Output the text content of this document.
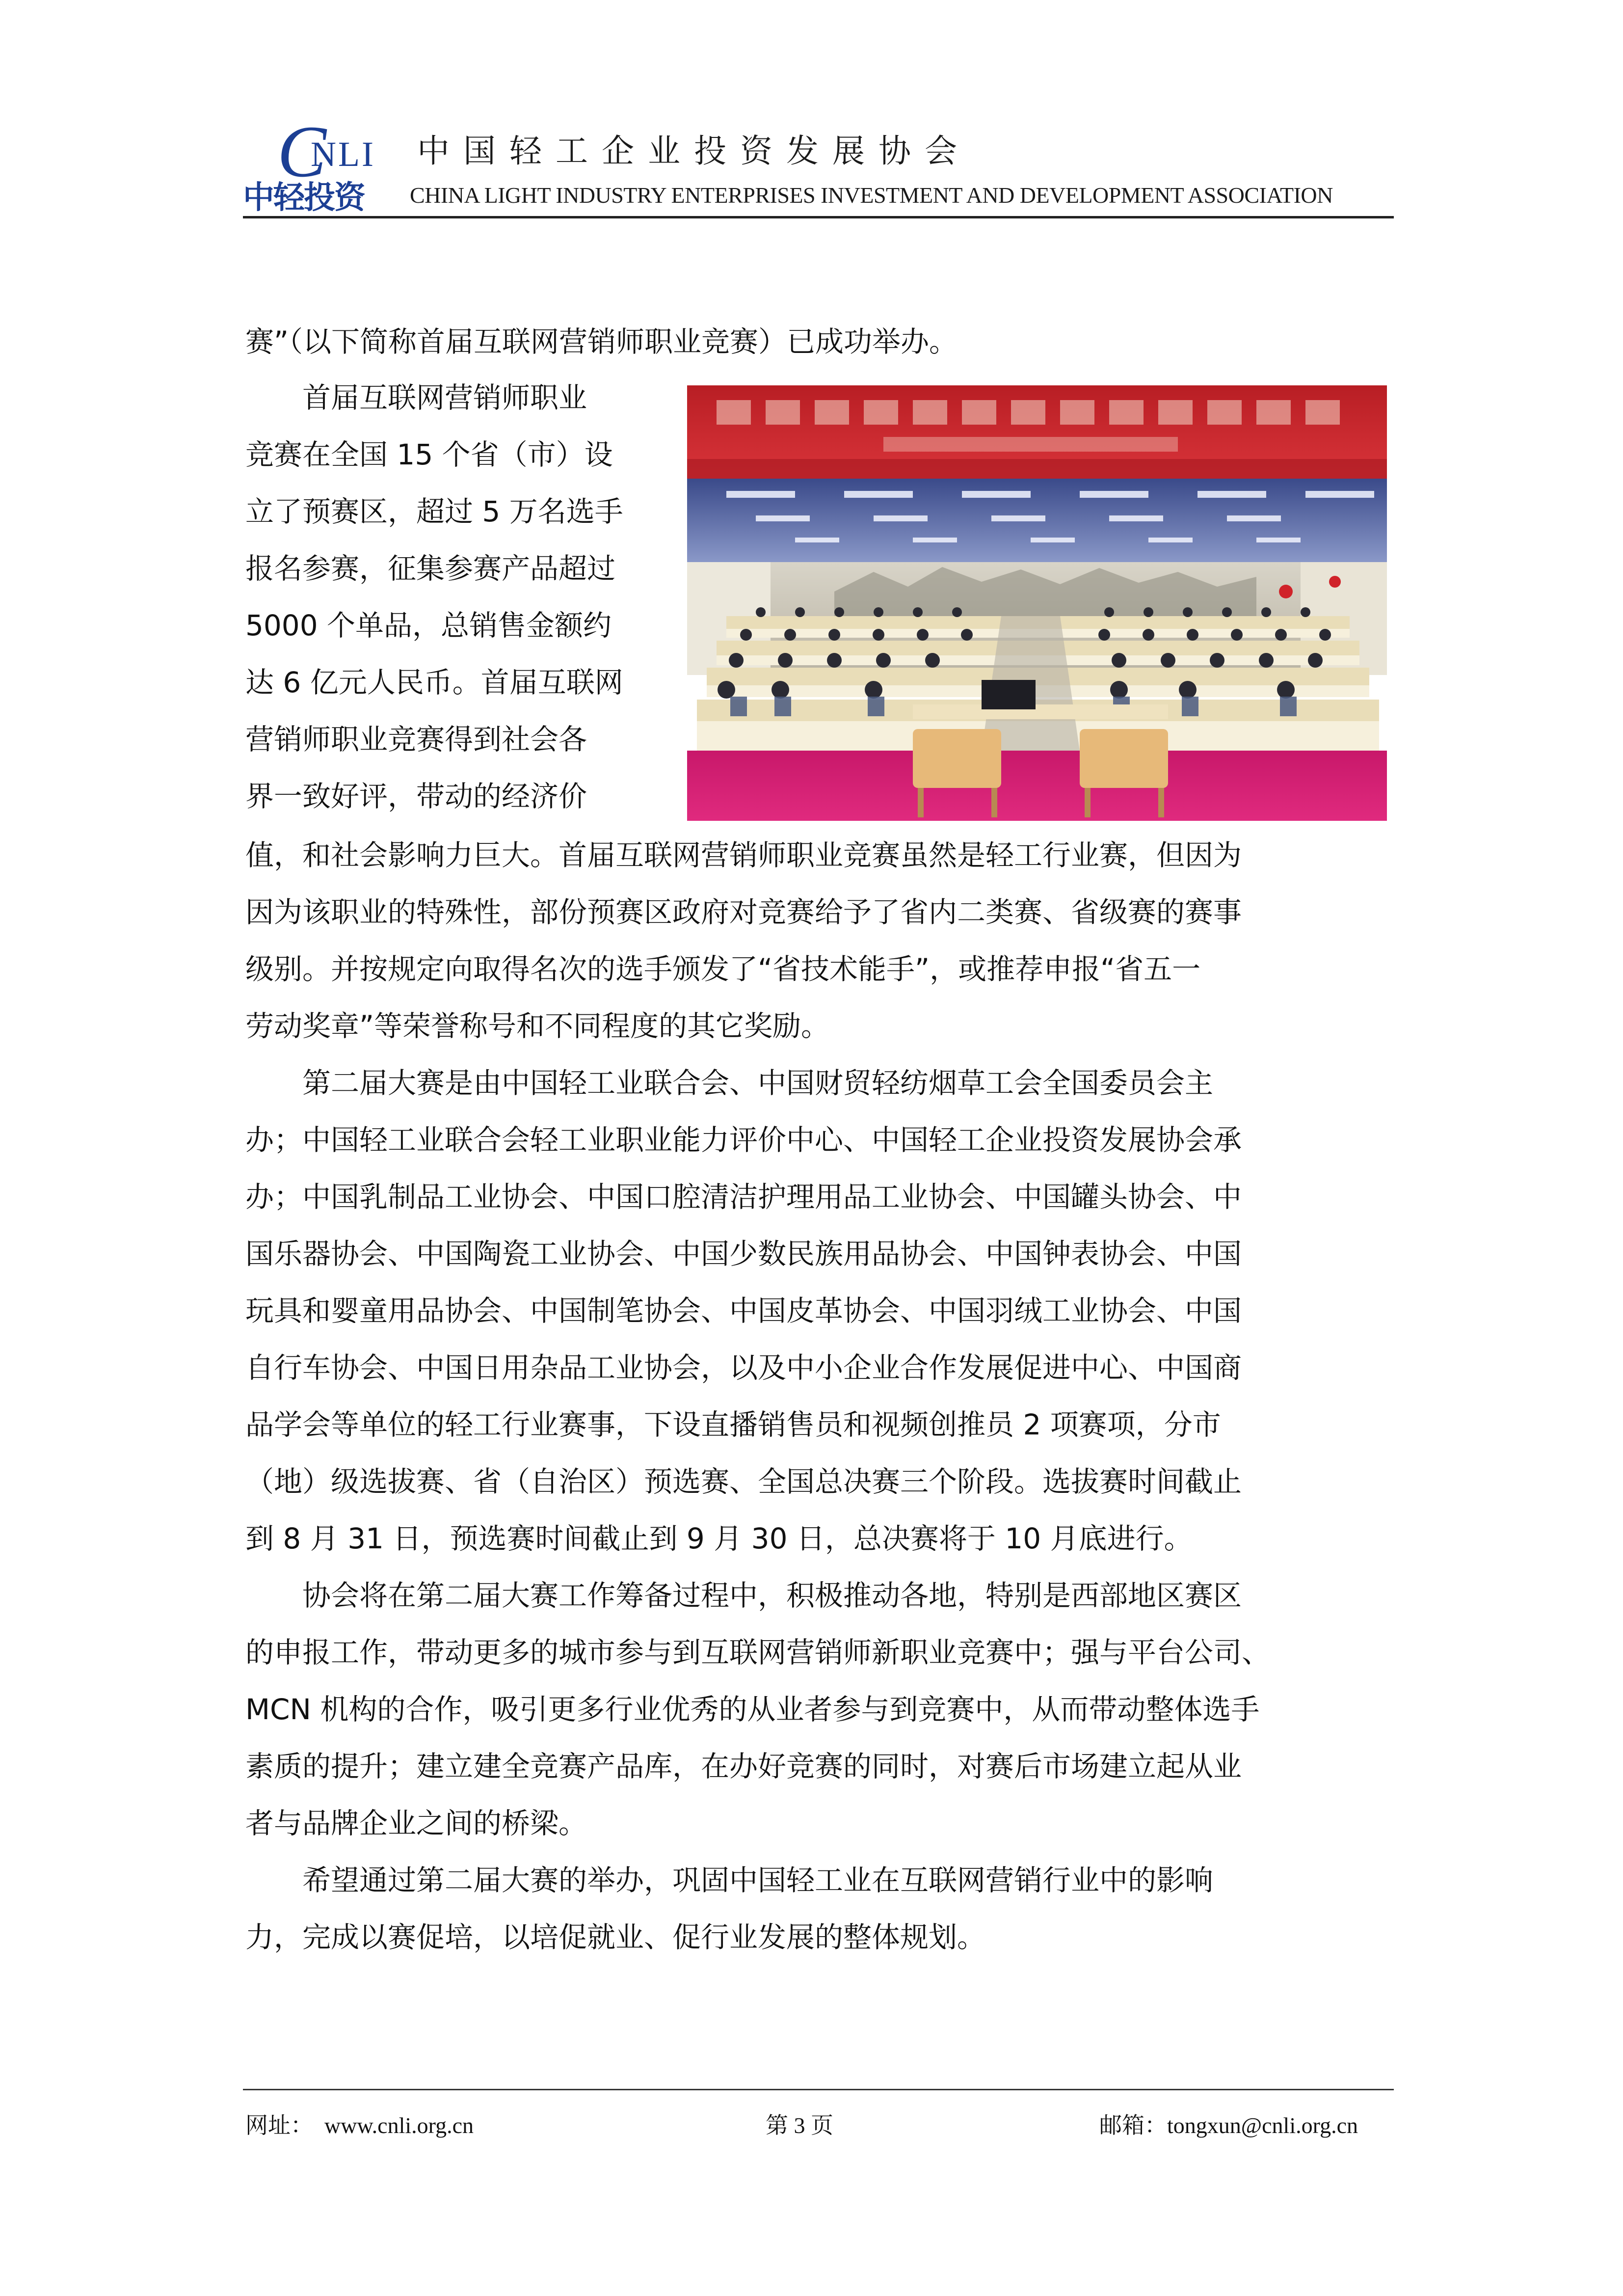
C
NLI
中轻投资
中国轻工企业投资发展协会
CHINA LIGHT INDUSTRY ENTERPRISES INVESTMENT AND DEVELOPMENT ASSOCIATION
赛”（以下简称首届互联网营销师职业竞赛）已成功举办。
　　首届互联网营销师职业
竞赛在全国 15 个省（市）设
立了预赛区，超过 5 万名选手
报名参赛，征集参赛产品超过
5000 个单品，总销售金额约
达 6 亿元人民币。首届互联网
营销师职业竞赛得到社会各
界一致好评，带动的经济价
值，和社会影响力巨大。首届互联网营销师职业竞赛虽然是轻工行业赛，但因为
因为该职业的特殊性，部份预赛区政府对竞赛给予了省内二类赛、省级赛的赛事
级别。并按规定向取得名次的选手颁发了“省技术能手”，或推荐申报“省五一
劳动奖章”等荣誉称号和不同程度的其它奖励。
　　第二届大赛是由中国轻工业联合会、中国财贸轻纺烟草工会全国委员会主
办；中国轻工业联合会轻工业职业能力评价中心、中国轻工企业投资发展协会承
办；中国乳制品工业协会、中国口腔清洁护理用品工业协会、中国罐头协会、中
国乐器协会、中国陶瓷工业协会、中国少数民族用品协会、中国钟表协会、中国
玩具和婴童用品协会、中国制笔协会、中国皮革协会、中国羽绒工业协会、中国
自行车协会、中国日用杂品工业协会，以及中小企业合作发展促进中心、中国商
品学会等单位的轻工行业赛事，下设直播销售员和视频创推员 2 项赛项，分市
（地）级选拔赛、省（自治区）预选赛、全国总决赛三个阶段。选拔赛时间截止
到 8 月 31 日，预选赛时间截止到 9 月 30 日，总决赛将于 10 月底进行。
　　协会将在第二届大赛工作筹备过程中，积极推动各地，特别是西部地区赛区
的申报工作，带动更多的城市参与到互联网营销师新职业竞赛中；强与平台公司、
MCN 机构的合作，吸引更多行业优秀的从业者参与到竞赛中，从而带动整体选手
素质的提升；建立建全竞赛产品库，在办好竞赛的同时，对赛后市场建立起从业
者与品牌企业之间的桥梁。
　　希望通过第二届大赛的举办，巩固中国轻工业在互联网营销行业中的影响
力，完成以赛促培，以培促就业、促行业发展的整体规划。
网址：　www.cnli.org.cn	第 3 页	邮箱：tongxun@cnli.org.cn
